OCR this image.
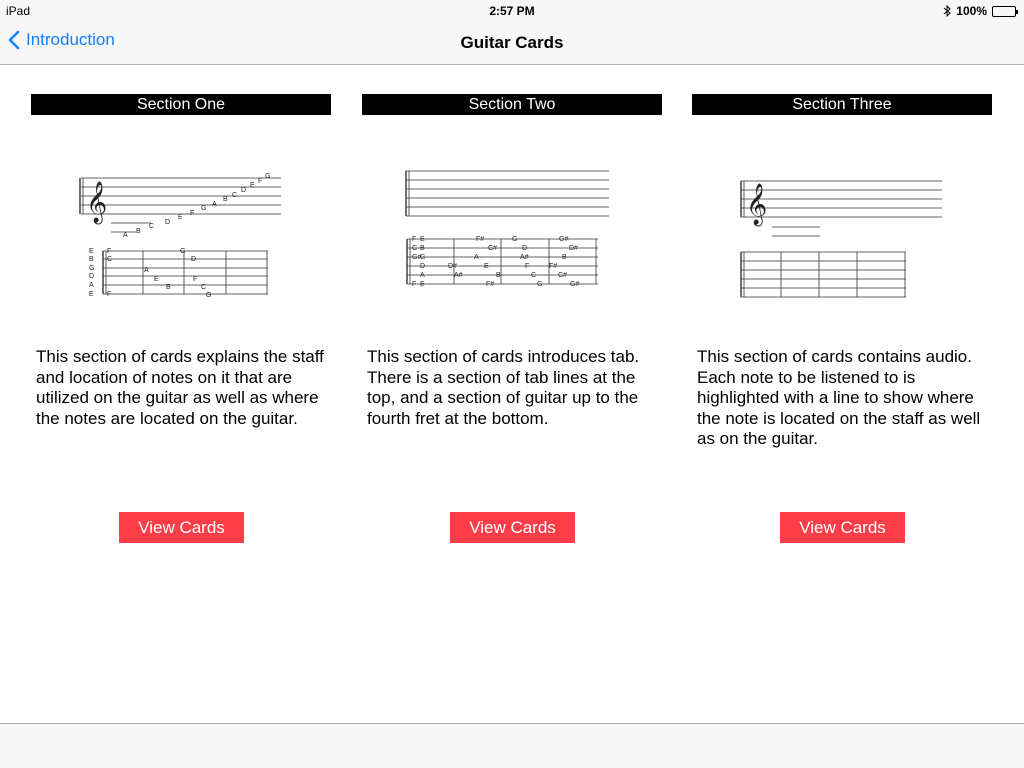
iPad	2:57 PM	100%
Introduction	Guitar Cards
Section One
𝄞
A
B
C
D
E
F
G
A
B
C
D
E
F
G
E
B
G
D
A
E
F
C
A
E
B
G
D
F
C
G
F

This section of cards explains the staff and location of notes on it that are utilized on the guitar as well as where the notes are located on the guitar.

View Cards
Section Two
E
B
G
D
A
E
F	F#	G	G#
C	C#	D	D#
G#	A	A#	B
D#	E	F	F#
A#	B	C	C#
F	F#	G	G#

This section of cards introduces tab. There is a section of tab lines at the top, and a section of guitar up to the fourth fret at the bottom.

View Cards
Section Three
𝄞

This section of cards contains audio. Each note to be listened to is highlighted with a line to show where the note is located on the staff as well as on the guitar.

View Cards
